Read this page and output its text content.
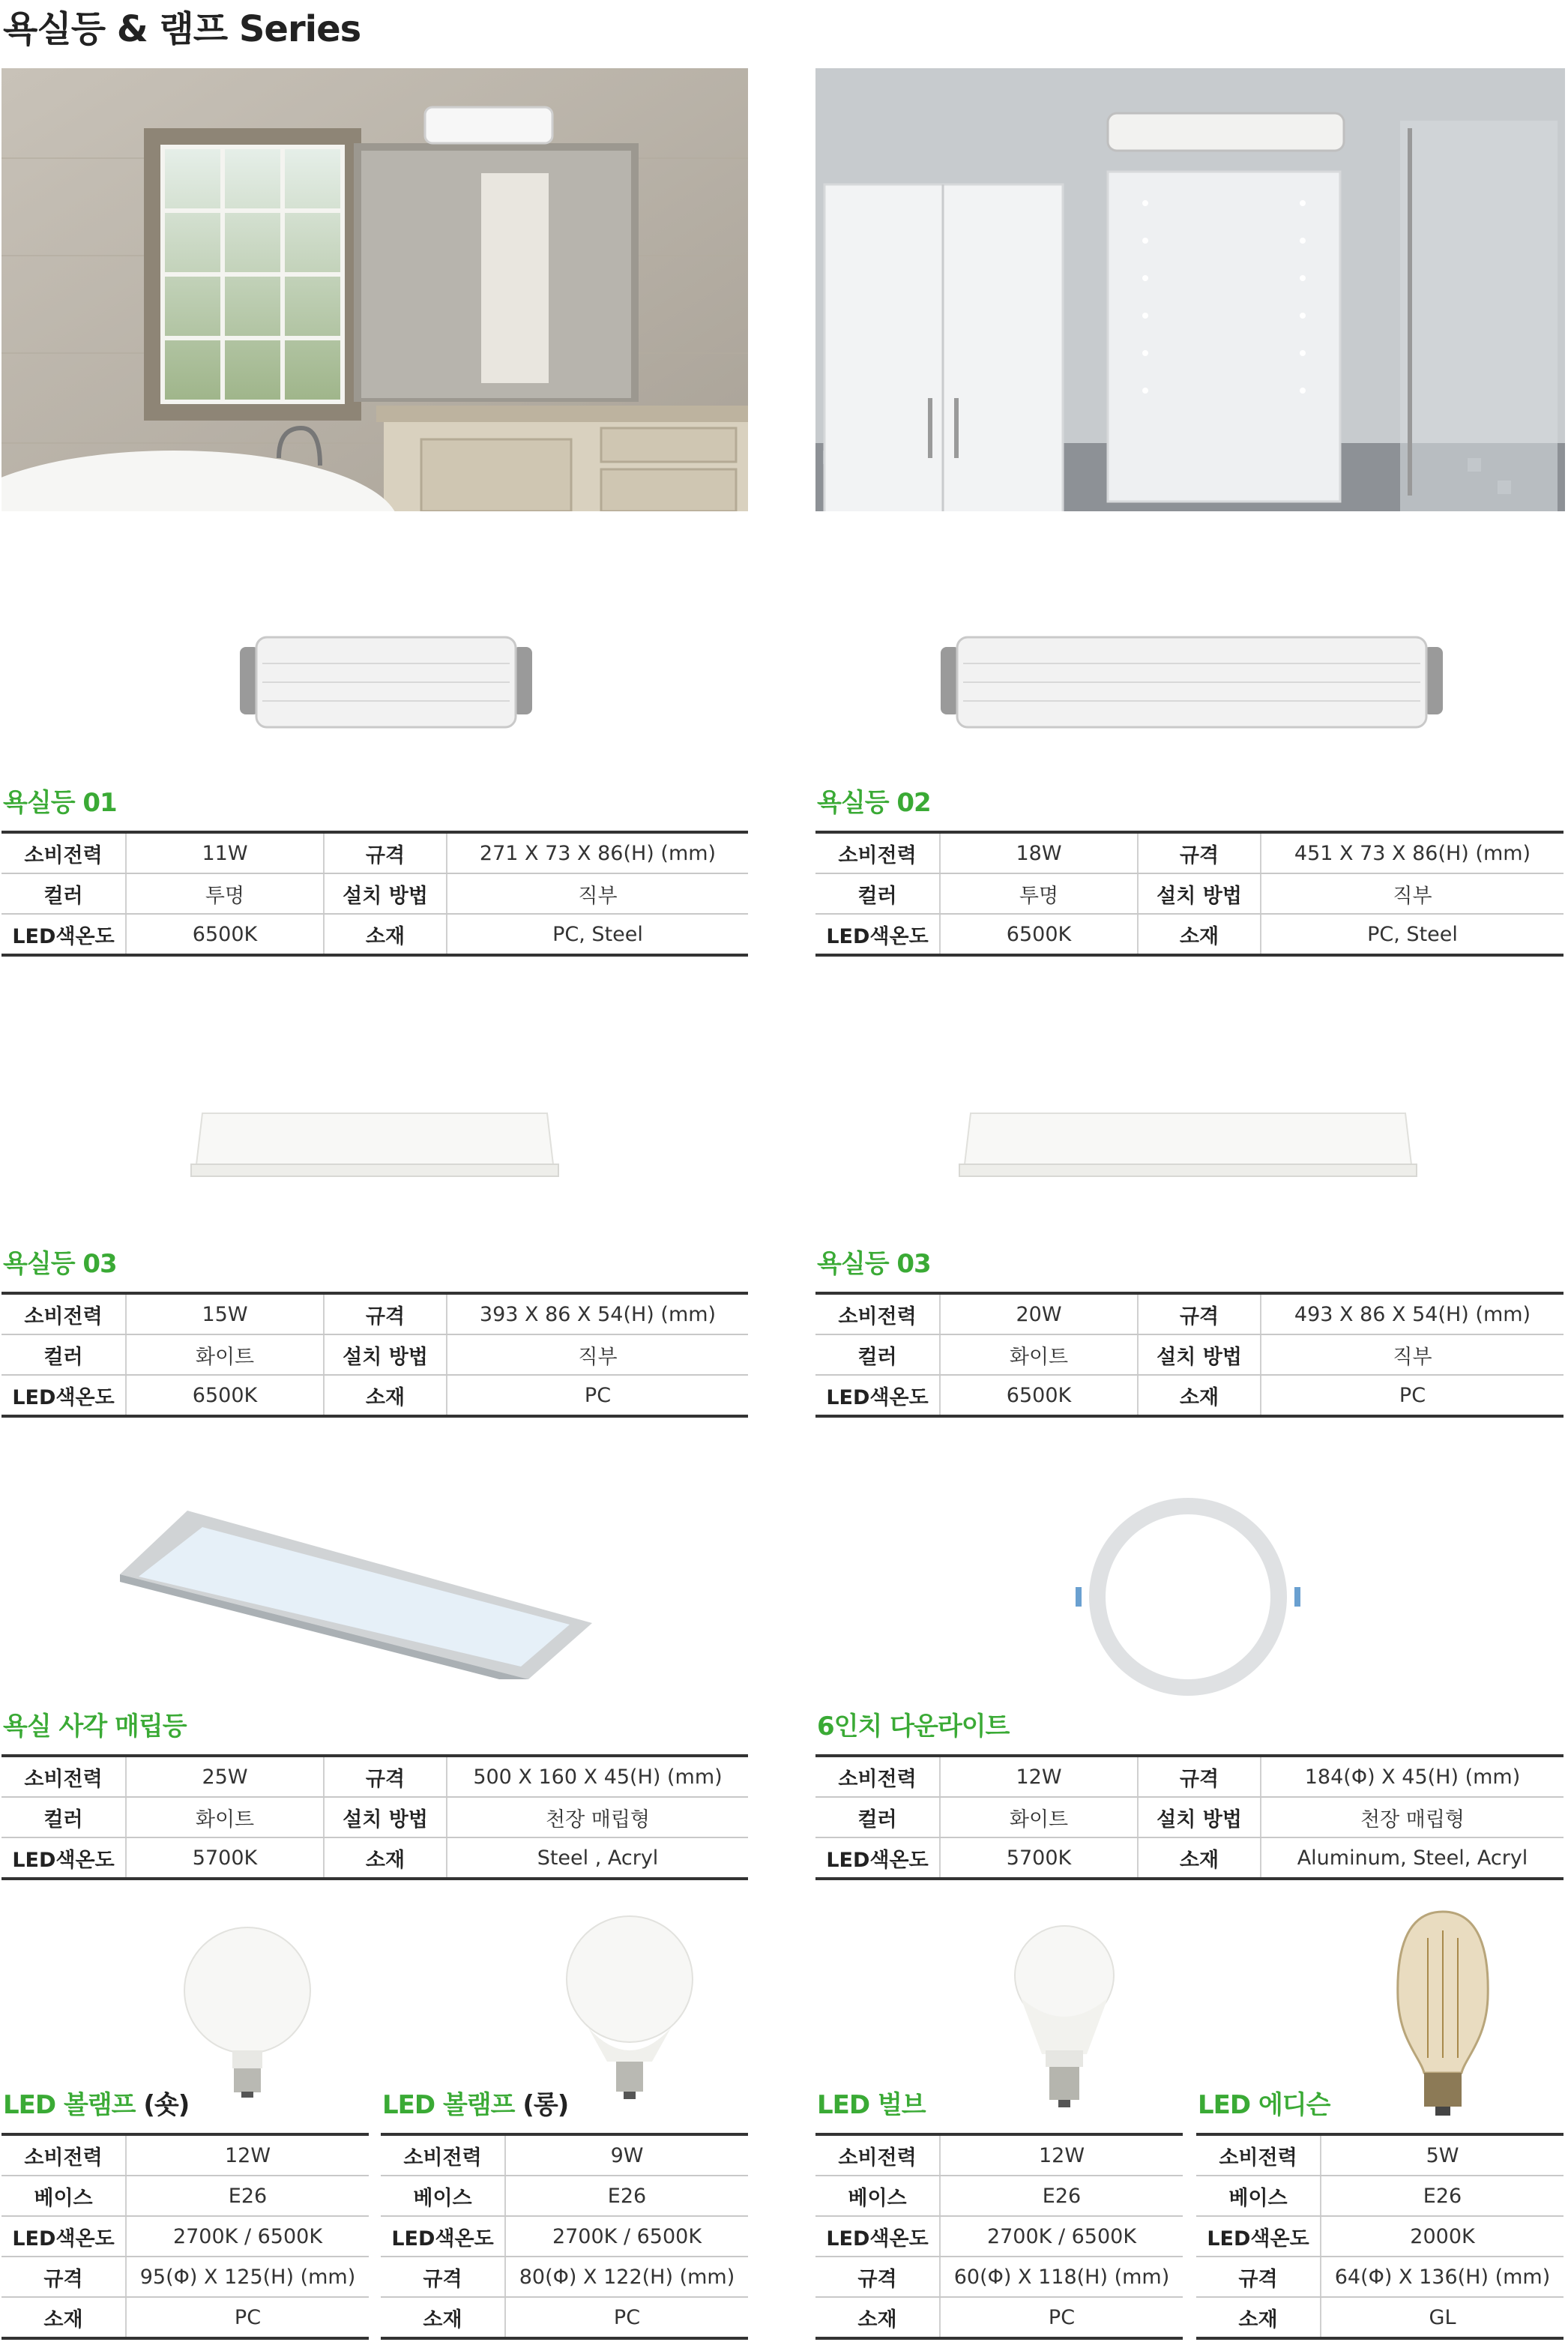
욕실등 & 램프 Series
욕실등 01
소비전력	11W	규격	271 X 73 X 86(H) (mm)
컬러	투명	설치 방법	직부
LED색온도	6500K	소재	PC, Steel
욕실등 02
소비전력	18W	규격	451 X 73 X 86(H) (mm)
컬러	투명	설치 방법	직부
LED색온도	6500K	소재	PC, Steel
욕실등 03
소비전력	15W	규격	393 X 86 X 54(H) (mm)
컬러	화이트	설치 방법	직부
LED색온도	6500K	소재	PC
욕실등 03
소비전력	20W	규격	493 X 86 X 54(H) (mm)
컬러	화이트	설치 방법	직부
LED색온도	6500K	소재	PC
욕실 사각 매립등
소비전력	25W	규격	500 X 160 X 45(H) (mm)
컬러	화이트	설치 방법	천장 매립형
LED색온도	5700K	소재	Steel , Acryl
6인치 다운라이트
소비전력	12W	규격	184(Φ) X 45(H) (mm)
컬러	화이트	설치 방법	천장 매립형
LED색온도	5700K	소재	Aluminum, Steel, Acryl
LED 볼램프 (숏)
소비전력	12W
베이스	E26
LED색온도	2700K / 6500K
규격	95(Φ) X 125(H) (mm)
소재	PC
LED 볼램프 (롱)
소비전력	9W
베이스	E26
LED색온도	2700K / 6500K
규격	80(Φ) X 122(H) (mm)
소재	PC
LED 벌브
소비전력	12W
베이스	E26
LED색온도	2700K / 6500K
규격	60(Φ) X 118(H) (mm)
소재	PC
LED 에디슨
소비전력	5W
베이스	E26
LED색온도	2000K
규격	64(Φ) X 136(H) (mm)
소재	GL
